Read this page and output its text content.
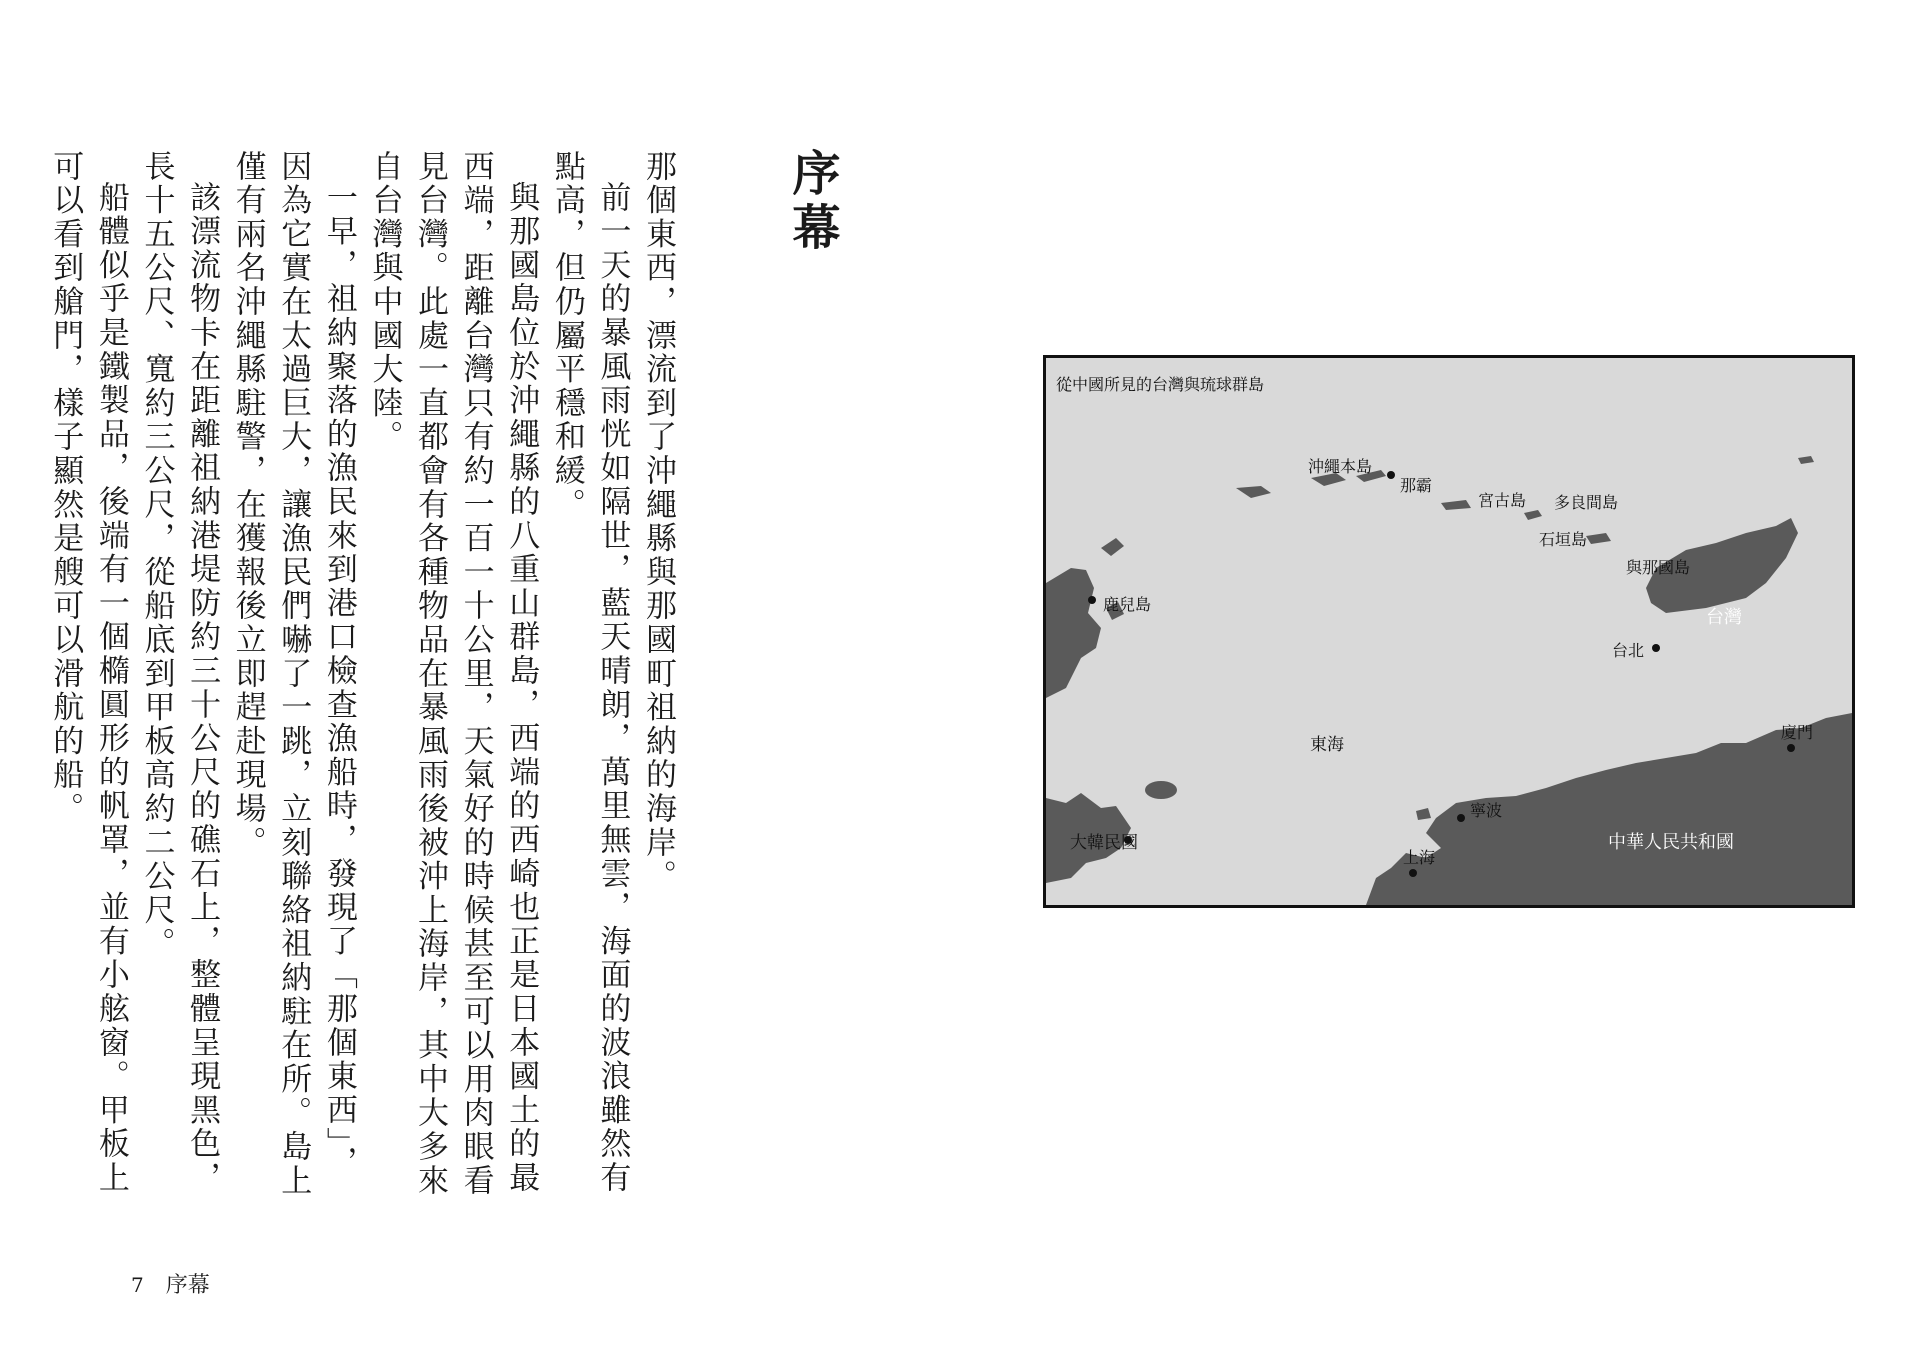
序幕

那個東西，漂流到了沖繩縣與那國町祖納的海岸。

前一天的暴風雨恍如隔世，藍天晴朗，萬里無雲，海面的波浪雖然有點高，但仍屬平穩和緩。

與那國島位於沖繩縣的八重山群島，西端的西崎也正是日本國土的最西端，距離台灣只有約一百一十公里，天氣好的時候甚至可以用肉眼看見台灣。此處一直都會有各種物品在暴風雨後被沖上海岸，其中大多來自台灣與中國大陸。

一早，祖納聚落的漁民來到港口檢查漁船時，發現了「那個東西」，因為它實在太過巨大，讓漁民們嚇了一跳，立刻聯絡祖納駐在所。島上僅有兩名沖繩縣駐警，在獲報後立即趕赴現場。

該漂流物卡在距離祖納港堤防約三十公尺的礁石上，整體呈現黑色，長十五公尺、寬約三公尺，從船底到甲板高約二公尺。

船體似乎是鐵製品，後端有一個橢圓形的帆罩，並有小舷窗。甲板上可以看到艙門，樣子顯然是艘可以滑航的船。	從中國所見的台灣與琉球群島
沖繩本島
那霸
宮古島 多良間島
石垣島
與那國島
鹿兒島
台灣
台北
廈門
東海
寧波
大韓民國
上海
中華人民共和國
7 序幕
